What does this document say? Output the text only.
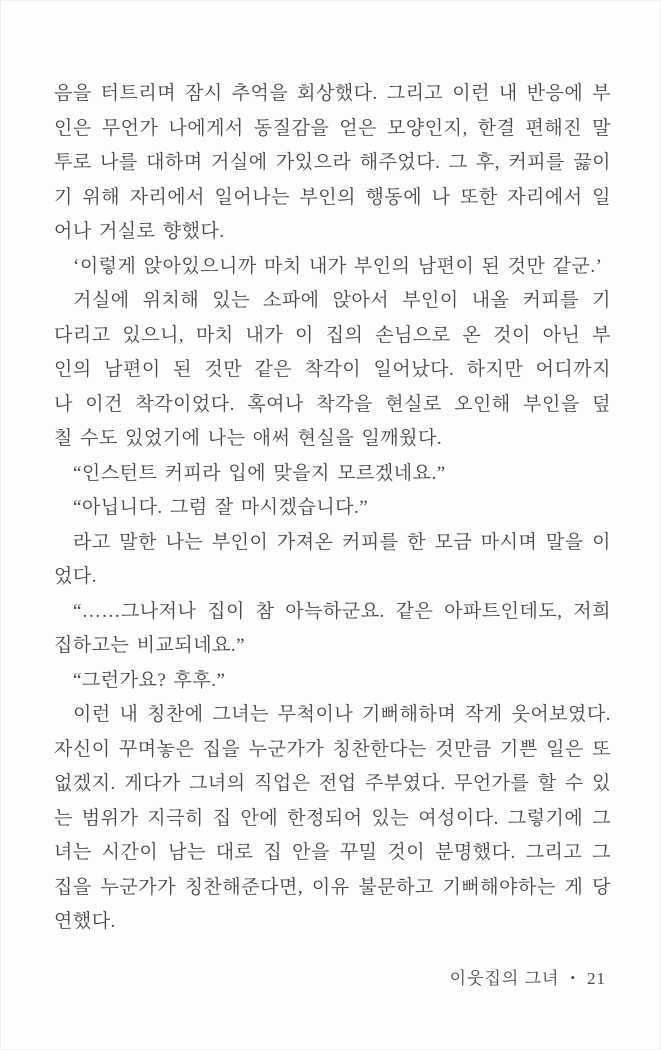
음을 터트리며 잠시 추억을 회상했다. 그리고 이런 내 반응에 부
인은 무언가 나에게서 동질감을 얻은 모양인지, 한결 편해진 말
투로 나를 대하며 거실에 가있으라 해주었다. 그 후, 커피를 끓이
기 위해 자리에서 일어나는 부인의 행동에 나 또한 자리에서 일
어나 거실로 향했다.
‘이렇게 앉아있으니까 마치 내가 부인의 남편이 된 것만 같군.’
거실에 위치해 있는 소파에 앉아서 부인이 내올 커피를 기
다리고 있으니, 마치 내가 이 집의 손님으로 온 것이 아닌 부
인의 남편이 된 것만 같은 착각이 일어났다. 하지만 어디까지
나 이건 착각이었다. 혹여나 착각을 현실로 오인해 부인을 덮
칠 수도 있었기에 나는 애써 현실을 일깨웠다.
“인스턴트 커피라 입에 맞을지 모르겠네요.”
“아닙니다. 그럼 잘 마시겠습니다.”
라고 말한 나는 부인이 가져온 커피를 한 모금 마시며 말을 이
었다.
“……그나저나 집이 참 아늑하군요. 같은 아파트인데도, 저희
집하고는 비교되네요.”
“그런가요? 후후.”
이런 내 칭찬에 그녀는 무척이나 기뻐해하며 작게 웃어보였다.
자신이 꾸며놓은 집을 누군가가 칭찬한다는 것만큼 기쁜 일은 또
없겠지. 게다가 그녀의 직업은 전업 주부였다. 무언가를 할 수 있
는 범위가 지극히 집 안에 한정되어 있는 여성이다. 그렇기에 그
녀는 시간이 남는 대로 집 안을 꾸밀 것이 분명했다. 그리고 그
집을 누군가가 칭찬해준다면, 이유 불문하고 기뻐해야하는 게 당
연했다.
이웃집의 그녀 • 21
